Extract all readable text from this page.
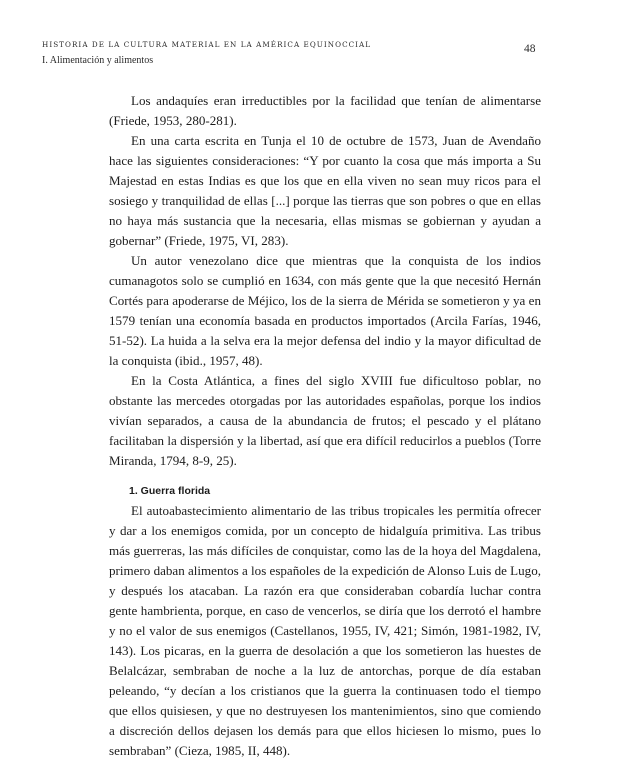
HISTORIA DE LA CULTURA MATERIAL EN LA AMÉRICA EQUINOCCIAL
I. Alimentación y alimentos
48

Los andaquíes eran irreductibles por la facilidad que tenían de alimentarse (Friede, 1953, 280-281).

En una carta escrita en Tunja el 10 de octubre de 1573, Juan de Avendaño hace las siguientes consideraciones: “Y por cuanto la cosa que más importa a Su Majestad en estas Indias es que los que en ella viven no sean muy ricos para el sosiego y tranquilidad de ellas [...] porque las tierras que son pobres o que en ellas no haya más sustancia que la necesaria, ellas mismas se gobiernan y ayudan a gobernar” (Friede, 1975, VI, 283).

Un autor venezolano dice que mientras que la conquista de los indios cumanagotos solo se cumplió en 1634, con más gente que la que necesitó Hernán Cortés para apoderarse de Méjico, los de la sierra de Mérida se sometieron y ya en 1579 tenían una economía basada en productos importados (Arcila Farías, 1946, 51-52). La huida a la selva era la mejor defensa del indio y la mayor dificultad de la conquista (ibid., 1957, 48).

En la Costa Atlántica, a fines del siglo XVIII fue dificultoso poblar, no obstante las mercedes otorgadas por las autoridades españolas, porque los indios vivían separados, a causa de la abundancia de frutos; el pescado y el plátano facilitaban la dispersión y la libertad, así que era difícil reducirlos a pueblos (Torre Miranda, 1794, 8-9, 25).

1. Guerra florida

El autoabastecimiento alimentario de las tribus tropicales les permitía ofrecer y dar a los enemigos comida, por un concepto de hidalguía primitiva. Las tribus más guerreras, las más difíciles de conquistar, como las de la hoya del Magdalena, primero daban alimentos a los españoles de la expedición de Alonso Luis de Lugo, y después los atacaban. La razón era que consideraban cobardía luchar contra gente hambrienta, porque, en caso de vencerlos, se diría que los derrotó el hambre y no el valor de sus enemigos (Castellanos, 1955, IV, 421; Simón, 1981-1982, IV, 143). Los picaras, en la guerra de desolación a que los sometieron las huestes de Belalcázar, sembraban de noche a la luz de antorchas, porque de día estaban peleando, “y decían a los cristianos que la guerra la continuasen todo el tiempo que ellos quisiesen, y que no destruyesen los mantenimientos, sino que comiendo a discreción dellos dejasen los demás para que ellos hiciesen lo mismo, pues lo sembraban” (Cieza, 1985, II, 448).
